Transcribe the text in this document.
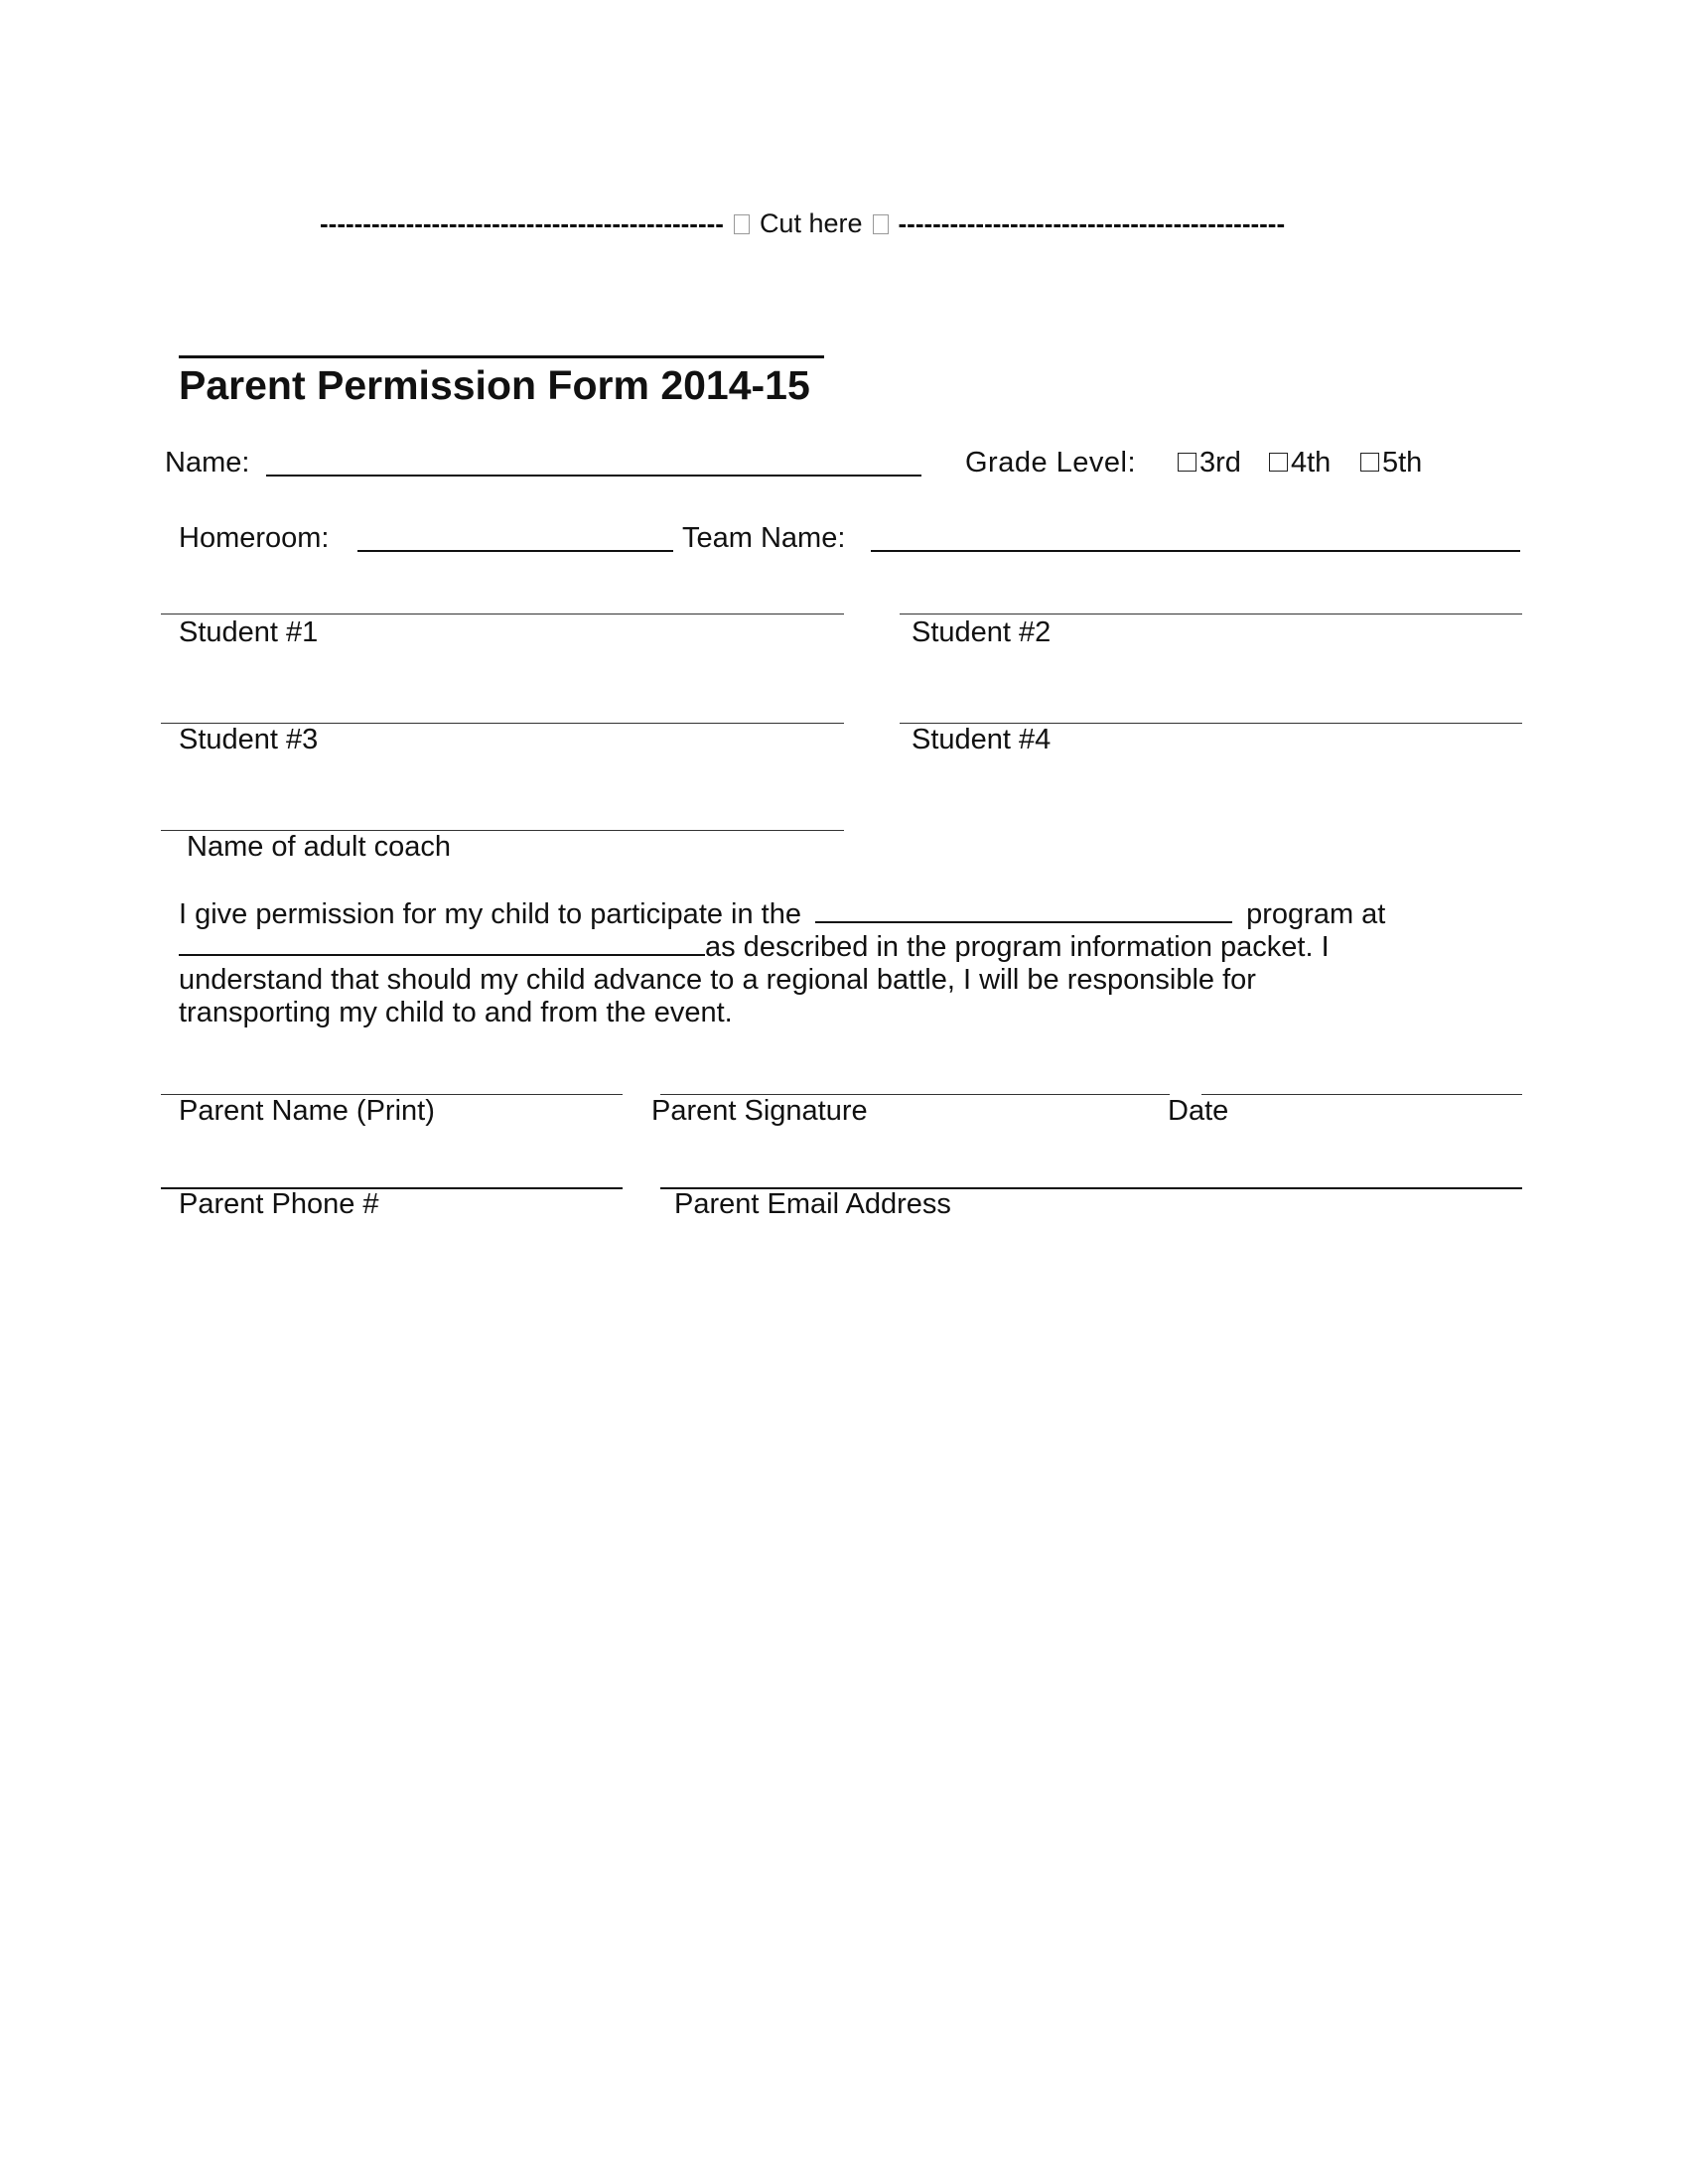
----------------------------------------------- Cut here ---------------------------------------------
Parent Permission Form 2014-15
Name:	Grade Level:	3rd	4th	5th
Homeroom:	Team Name:
Student #1	Student #2
Student #3	Student #4
Name of adult coach
I give permission for my child to participate in the	program at
as described in the program information packet. I
understand that should my child advance to a regional battle, I will be responsible for
transporting my child to and from the event.
Parent Name (Print)	Parent Signature	Date
Parent Phone #	Parent Email Address
